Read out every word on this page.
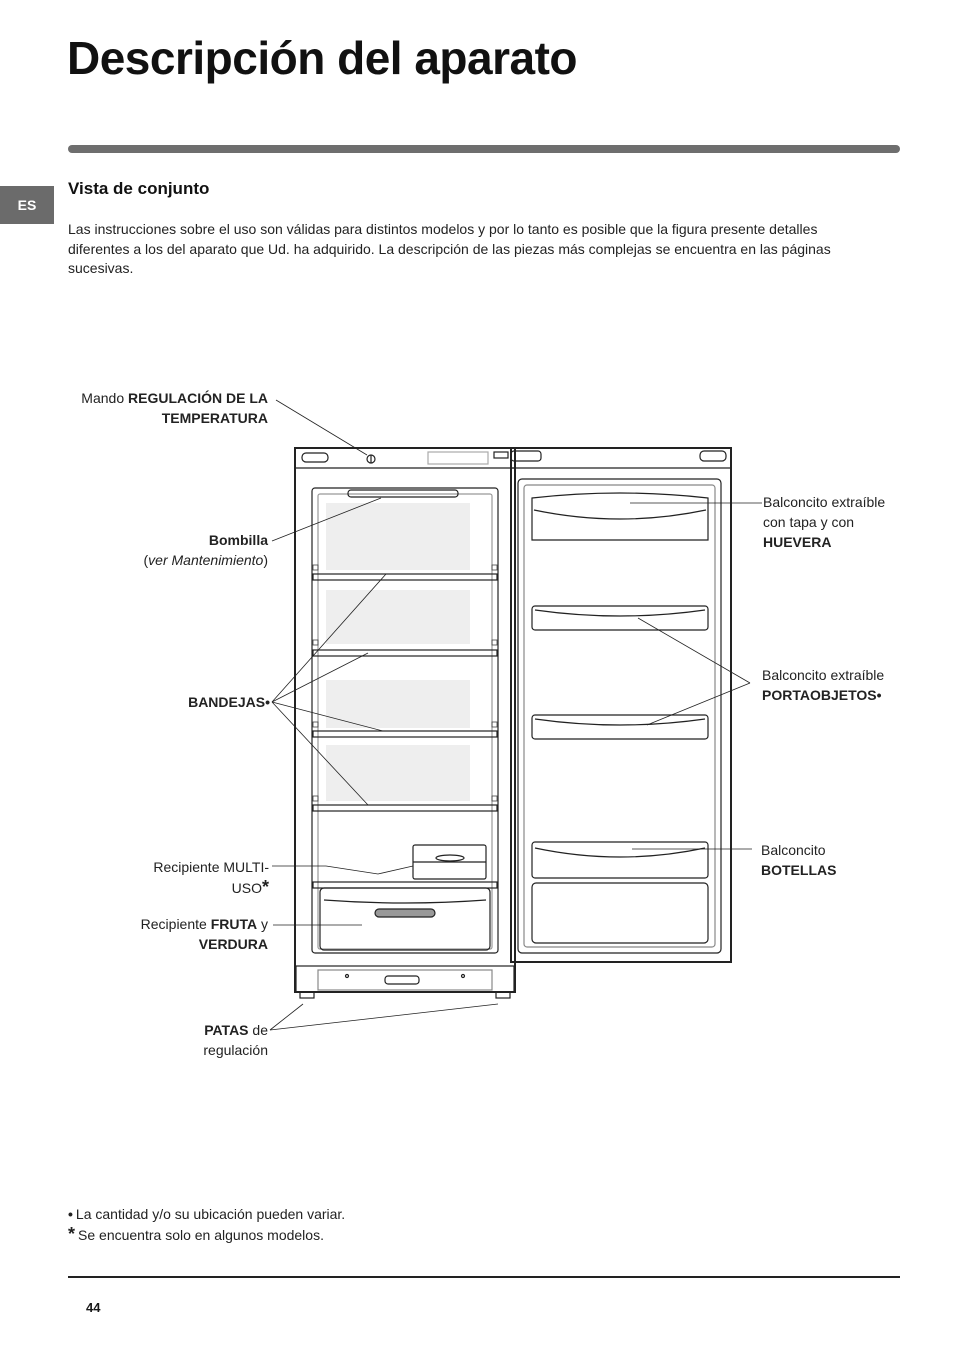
Descripción del aparato
ES
Vista de conjunto

Las instrucciones sobre el uso son válidas para distintos modelos y por lo tanto es posible que la figura presente detalles diferentes a los del aparato que Ud. ha adquirido. La descripción de las piezas más complejas se encuentra en las páginas sucesivas.

Mando REGULACIÓN DE LA
TEMPERATURA
Bombilla
(ver Mantenimiento)
BANDEJAS•
Recipiente MULTI-
USO*
Recipiente FRUTA y
VERDURA
PATAS de
regulación
Balconcito extraíble
con tapa y con
HUEVERA
Balconcito extraíble
PORTAOBJETOS•
Balconcito
BOTELLAS
• La cantidad y/o su ubicación pueden variar.
* Se encuentra solo en algunos modelos.
44
